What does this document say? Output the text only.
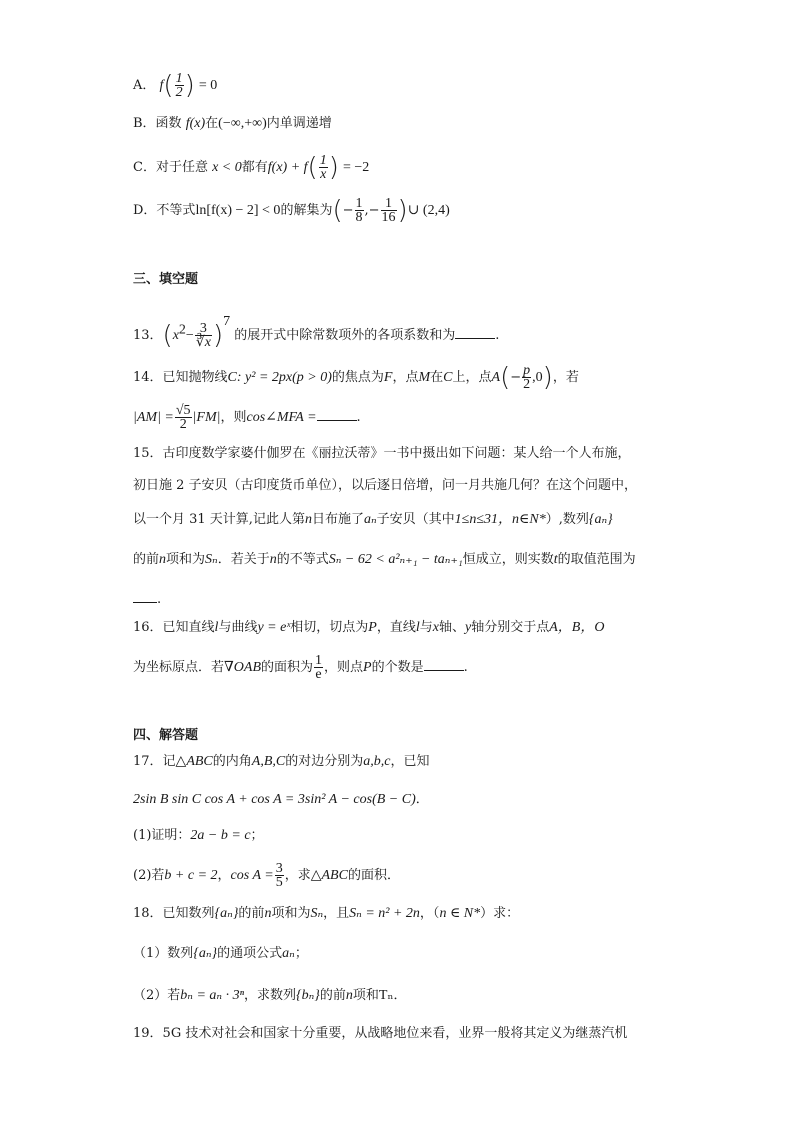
A． $f( \frac{1}{2}$ ) = 0
B．函数 f(x)在(−∞,+∞)内单调递增
C．对于任意 x < 0都有$f(x) + f( \frac{1}{x}$ ) = −2
D．不等式ln[f(x) − 2] < 0的解集为(− $\frac{1}{8}$ ,− $\frac{1}{16}$ )∪ (2,4)
三、填空题
13．$(x^2- \frac{3}{∛x} )^7$ 的展开式中除常数项外的各项系数和为	.
14．已知抛物线C: y² = 2px(p > 0)的焦点为F，点M在C上，点$A(- \frac{p}{2} ,0)$，若
$|AM| = \frac{√5}{2} |FM|$，则cos∠MFA =	.
15．古印度数学家婆什伽罗在《丽拉沃蒂》一书中摄出如下问题：某人给一个人布施，
初日施 2 子安贝（古印度货币单位），以后逐日倍增，问一月共施几何？在这个问题中，
以一个月 31 天计算,记此人第n日布施了aₙ子安贝（其中1≤n≤31，n∈N*）,数列{aₙ}
的前n项和为Sₙ．若关于n的不等式Sₙ − 62 < a²ₙ₊₁ − taₙ₊₁恒成立，则实数t的取值范围为
.
16．已知直线l与曲线y = eˣ相切，切点为P，直线l与x轴、y轴分别交于点A，B，O
为坐标原点．若∇OAB的面积为 $\frac{1}{e}$ ，则点P的个数是	.
四、解答题
17．记△ABC的内角A,B,C的对边分别为a,b,c，已知
2sin B sin C cos A + cos A = 3sin² A − cos(B − C)．
(1)证明：2a − b = c；
(2)若b + c = 2，$\cos A = \frac{3}{5}$ ，求△ABC的面积．
18．已知数列{aₙ}的前n项和为Sₙ，且Sₙ = n² + 2n，（n ∈ N*）求：
（1）数列{aₙ}的通项公式aₙ；
（2）若bₙ = aₙ · 3ⁿ，求数列{bₙ}的前n项和Tₙ．
19．5G 技术对社会和国家十分重要，从战略地位来看，业界一般将其定义为继蒸汽机
